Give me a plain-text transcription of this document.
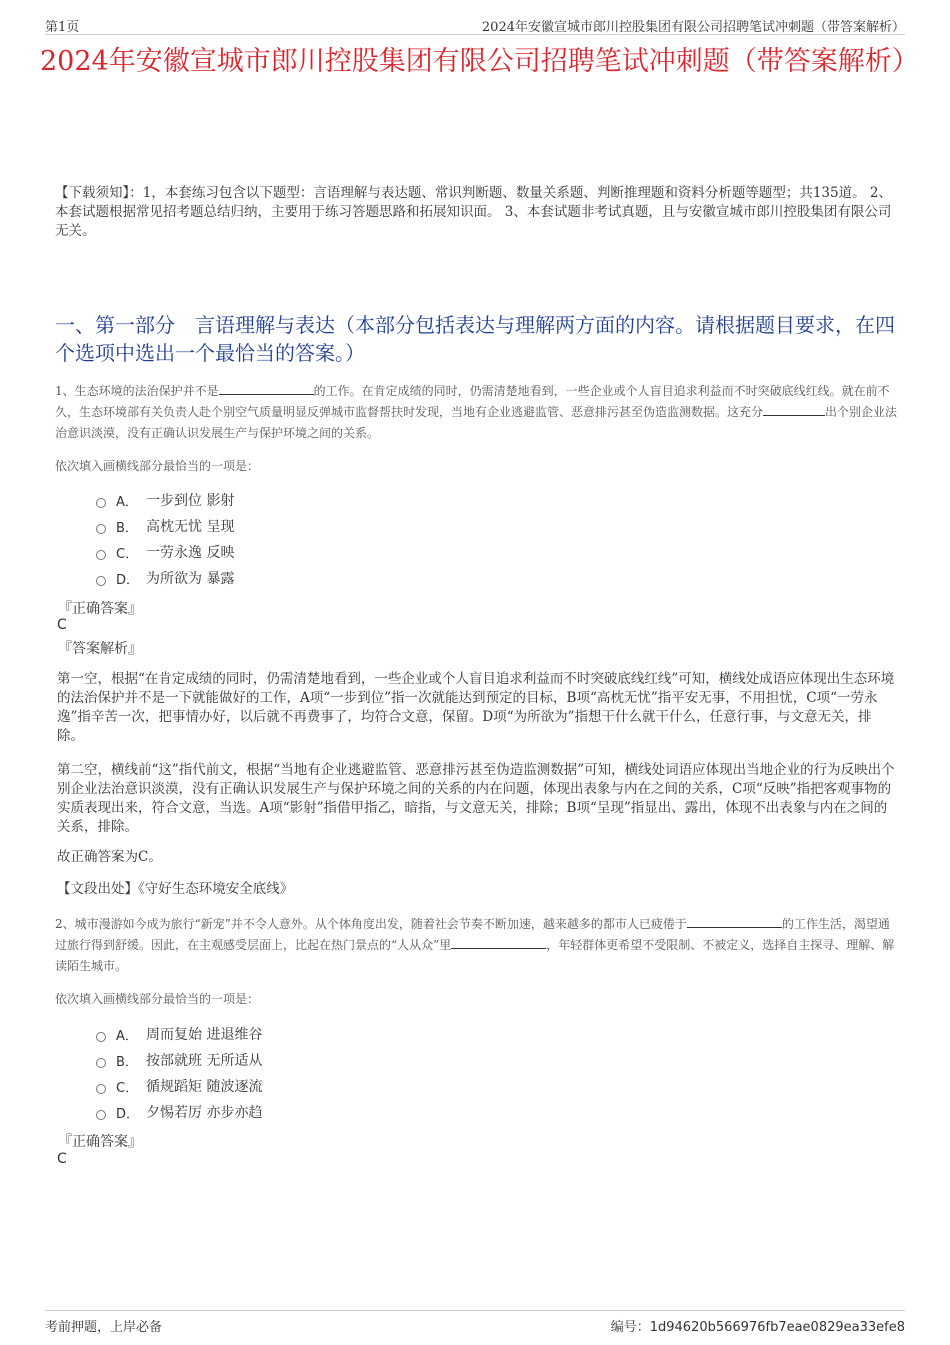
第1页	2024年安徽宣城市郎川控股集团有限公司招聘笔试冲刺题（带答案解析）
2024年安徽宣城市郎川控股集团有限公司招聘笔试冲刺题（带答案解析）
【下载须知】：1，本套练习包含以下题型：言语理解与表达题、常识判断题、数量关系题、判断推理题和资料分析题等题型；共135道。 2、本套试题根据常见招考题总结归纳，主要用于练习答题思路和拓展知识面。 3、本套试题非考试真题，且与安徽宣城市郎川控股集团有限公司无关。
一、第一部分　言语理解与表达（本部分包括表达与理解两方面的内容。请根据题目要求，在四个选项中选出一个最恰当的答案。）
1、生态环境的法治保护并不是	的工作。在肯定成绩的同时，仍需清楚地看到，一些企业或个人盲目追求利益而不时突破底线红线。就在前不久，生态环境部有关负责人赴个别空气质量明显反弹城市监督帮扶时发现，当地有企业逃避监管、恶意排污甚至伪造监测数据。这充分	出个别企业法治意识淡漠，没有正确认识发展生产与保护环境之间的关系。
依次填入画横线部分最恰当的一项是：
A． 一步到位 影射
B． 高枕无忧 呈现
C． 一劳永逸 反映
D． 为所欲为 暴露
『正确答案』
C
『答案解析』
第一空，根据“在肯定成绩的同时，仍需清楚地看到，一些企业或个人盲目追求利益而不时突破底线红线”可知，横线处成语应体现出生态环境的法治保护并不是一下就能做好的工作，A项“一步到位”指一次就能达到预定的目标，B项“高枕无忧”指平安无事，不用担忧，C项“一劳永逸”指辛苦一次，把事情办好，以后就不再费事了，均符合文意，保留。D项“为所欲为”指想干什么就干什么，任意行事，与文意无关，排除。
第二空，横线前“这”指代前文，根据“当地有企业逃避监管、恶意排污甚至伪造监测数据”可知，横线处词语应体现出当地企业的行为反映出个别企业法治意识淡漠，没有正确认识发展生产与保护环境之间的关系的内在问题，体现出表象与内在之间的关系，C项“反映”指把客观事物的实质表现出来，符合文意，当选。A项“影射”指借甲指乙，暗指，与文意无关，排除；B项“呈现”指显出、露出，体现不出表象与内在之间的关系，排除。
故正确答案为C。
【文段出处】《守好生态环境安全底线》
2、城市漫游如今成为旅行“新宠”并不令人意外。从个体角度出发，随着社会节奏不断加速，越来越多的都市人已疲倦于	的工作生活，渴望通过旅行得到舒缓。因此，在主观感受层面上，比起在热门景点的“人从众”里	，年轻群体更希望不受限制、不被定义，选择自主探寻、理解、解读陌生城市。
依次填入画横线部分最恰当的一项是：
A． 周而复始 进退维谷
B． 按部就班 无所适从
C． 循规蹈矩 随波逐流
D． 夕惕若厉 亦步亦趋
『正确答案』
C
考前押题，上岸必备	编号：1d94620b566976fb7eae0829ea33efe8
